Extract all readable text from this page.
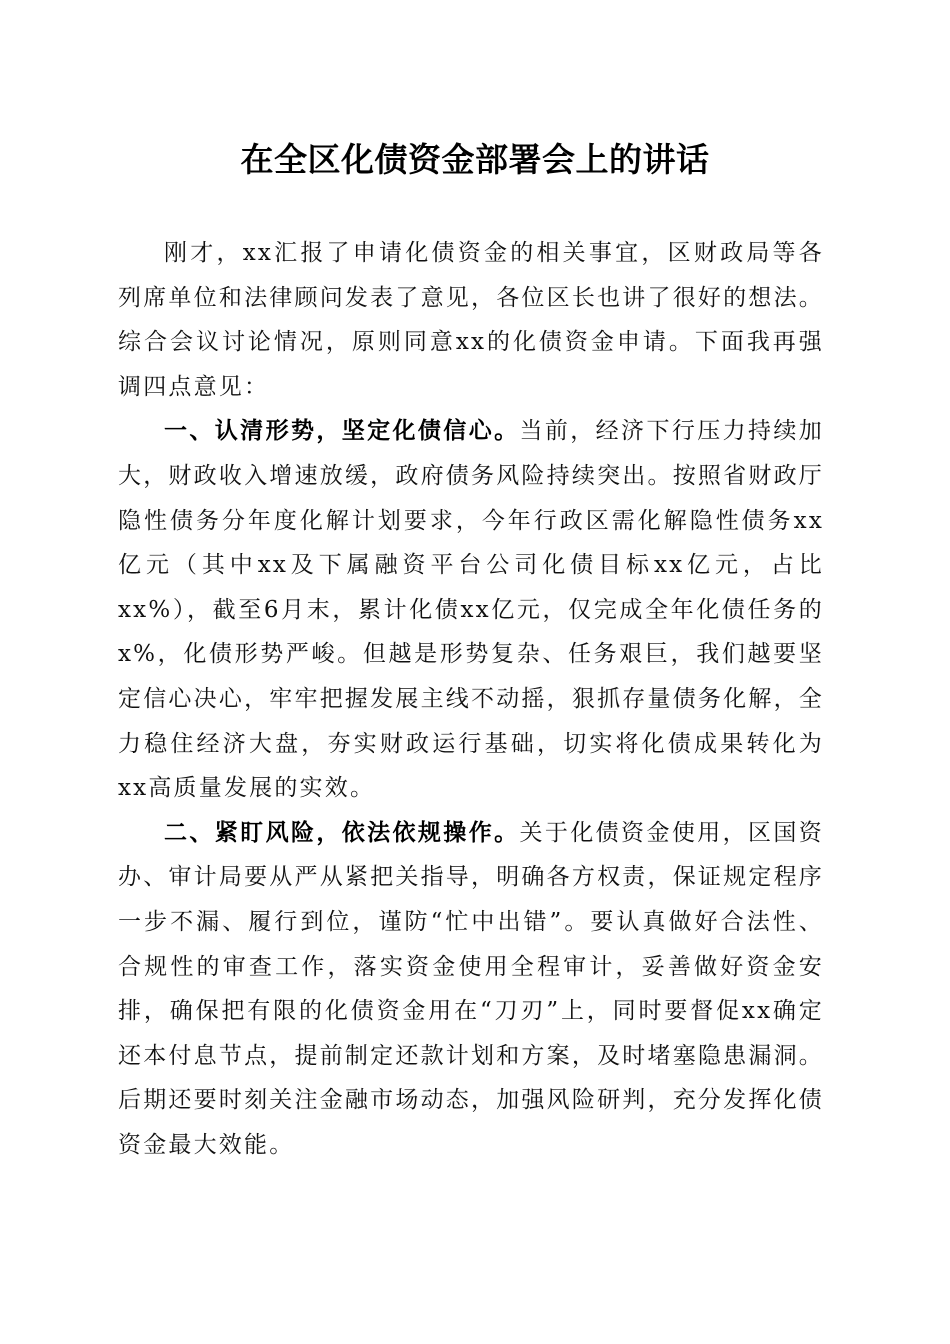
在全区化债资金部署会上的讲话

刚才，xx汇报了申请化债资金的相关事宜，区财政局等各列席单位和法律顾问发表了意见，各位区长也讲了很好的想法。综合会议讨论情况，原则同意xx的化债资金申请。下面我再强调四点意见：

一、认清形势，坚定化债信心。当前，经济下行压力持续加大，财政收入增速放缓，政府债务风险持续突出。按照省财政厅隐性债务分年度化解计划要求，今年行政区需化解隐性债务xx亿元（其中xx及下属融资平台公司化债目标xx亿元，占比xx%），截至6月末，累计化债xx亿元，仅完成全年化债任务的x%，化债形势严峻。但越是形势复杂、任务艰巨，我们越要坚定信心决心，牢牢把握发展主线不动摇，狠抓存量债务化解，全力稳住经济大盘，夯实财政运行基础，切实将化债成果转化为xx高质量发展的实效。

二、紧盯风险，依法依规操作。关于化债资金使用，区国资办、审计局要从严从紧把关指导，明确各方权责，保证规定程序一步不漏、履行到位，谨防“忙中出错”。要认真做好合法性、合规性的审查工作，落实资金使用全程审计，妥善做好资金安排，确保把有限的化债资金用在“刀刃”上，同时要督促xx确定还本付息节点，提前制定还款计划和方案，及时堵塞隐患漏洞。后期还要时刻关注金融市场动态，加强风险研判，充分发挥化债资金最大效能。
